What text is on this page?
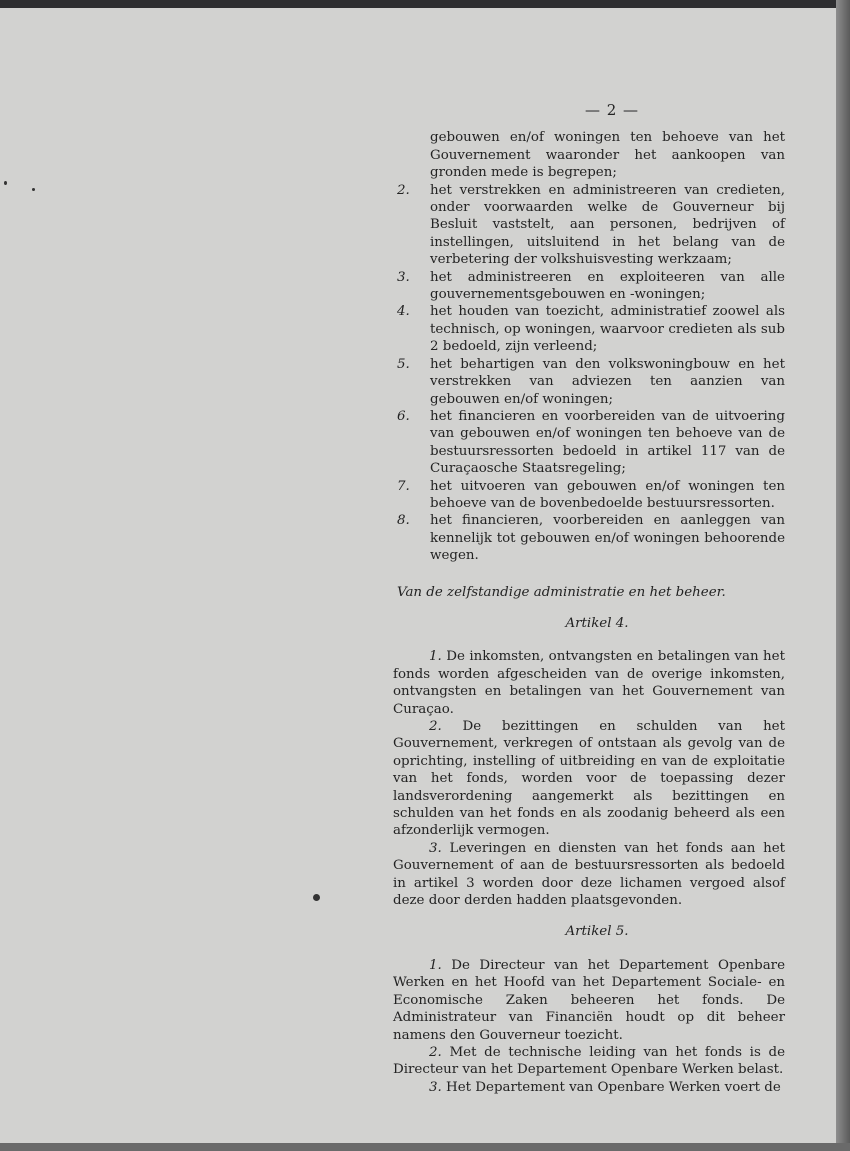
— 2 —
gebouwen en/of woningen ten behoeve van het Gouvernement waaronder het aankoopen van gronden mede is begrepen;
2. het verstrekken en administreeren van credieten, onder voorwaarden welke de Gouverneur bij Besluit vaststelt, aan personen, bedrijven of instellingen, uitsluitend in het belang van de verbetering der volkshuisvesting werkzaam;
3. het administreeren en exploiteeren van alle gouvernementsgebouwen en -woningen;
4. het houden van toezicht, administratief zoowel als technisch, op woningen, waarvoor credieten als sub 2 bedoeld, zijn verleend;
5. het behartigen van den volkswoningbouw en het verstrekken van adviezen ten aanzien van gebouwen en/of woningen;
6. het financieren en voorbereiden van de uitvoering van gebouwen en/of woningen ten behoeve van de bestuursressorten bedoeld in artikel 117 van de Curaçaosche Staatsregeling;
7. het uitvoeren van gebouwen en/of woningen ten behoeve van de bovenbedoelde bestuursressorten.
8. het financieren, voorbereiden en aanleggen van kennelijk tot gebouwen en/of woningen behoorende wegen.
Van de zelfstandige administratie en het beheer.
Artikel 4.

1. De inkomsten, ontvangsten en betalingen van het fonds worden afgescheiden van de overige inkomsten, ontvangsten en betalingen van het Gouvernement van Curaçao.

2. De bezittingen en schulden van het Gouvernement, verkregen of ontstaan als gevolg van de oprichting, instelling of uitbreiding en van de exploitatie van het fonds, worden voor de toepassing dezer landsverordening aangemerkt als bezittingen en schulden van het fonds en als zoodanig beheerd als een afzonderlijk vermogen.

3. Leveringen en diensten van het fonds aan het Gouvernement of aan de bestuursressorten als bedoeld in artikel 3 worden door deze lichamen vergoed alsof deze door derden hadden plaatsgevonden.

Artikel 5.

1. De Directeur van het Departement Openbare Werken en het Hoofd van het Departement Sociale- en Economische Zaken beheeren het fonds. De Administrateur van Financiën houdt op dit beheer namens den Gouverneur toezicht.

2. Met de technische leiding van het fonds is de Directeur van het Departement Openbare Werken belast.

3. Het Departement van Openbare Werken voert de
